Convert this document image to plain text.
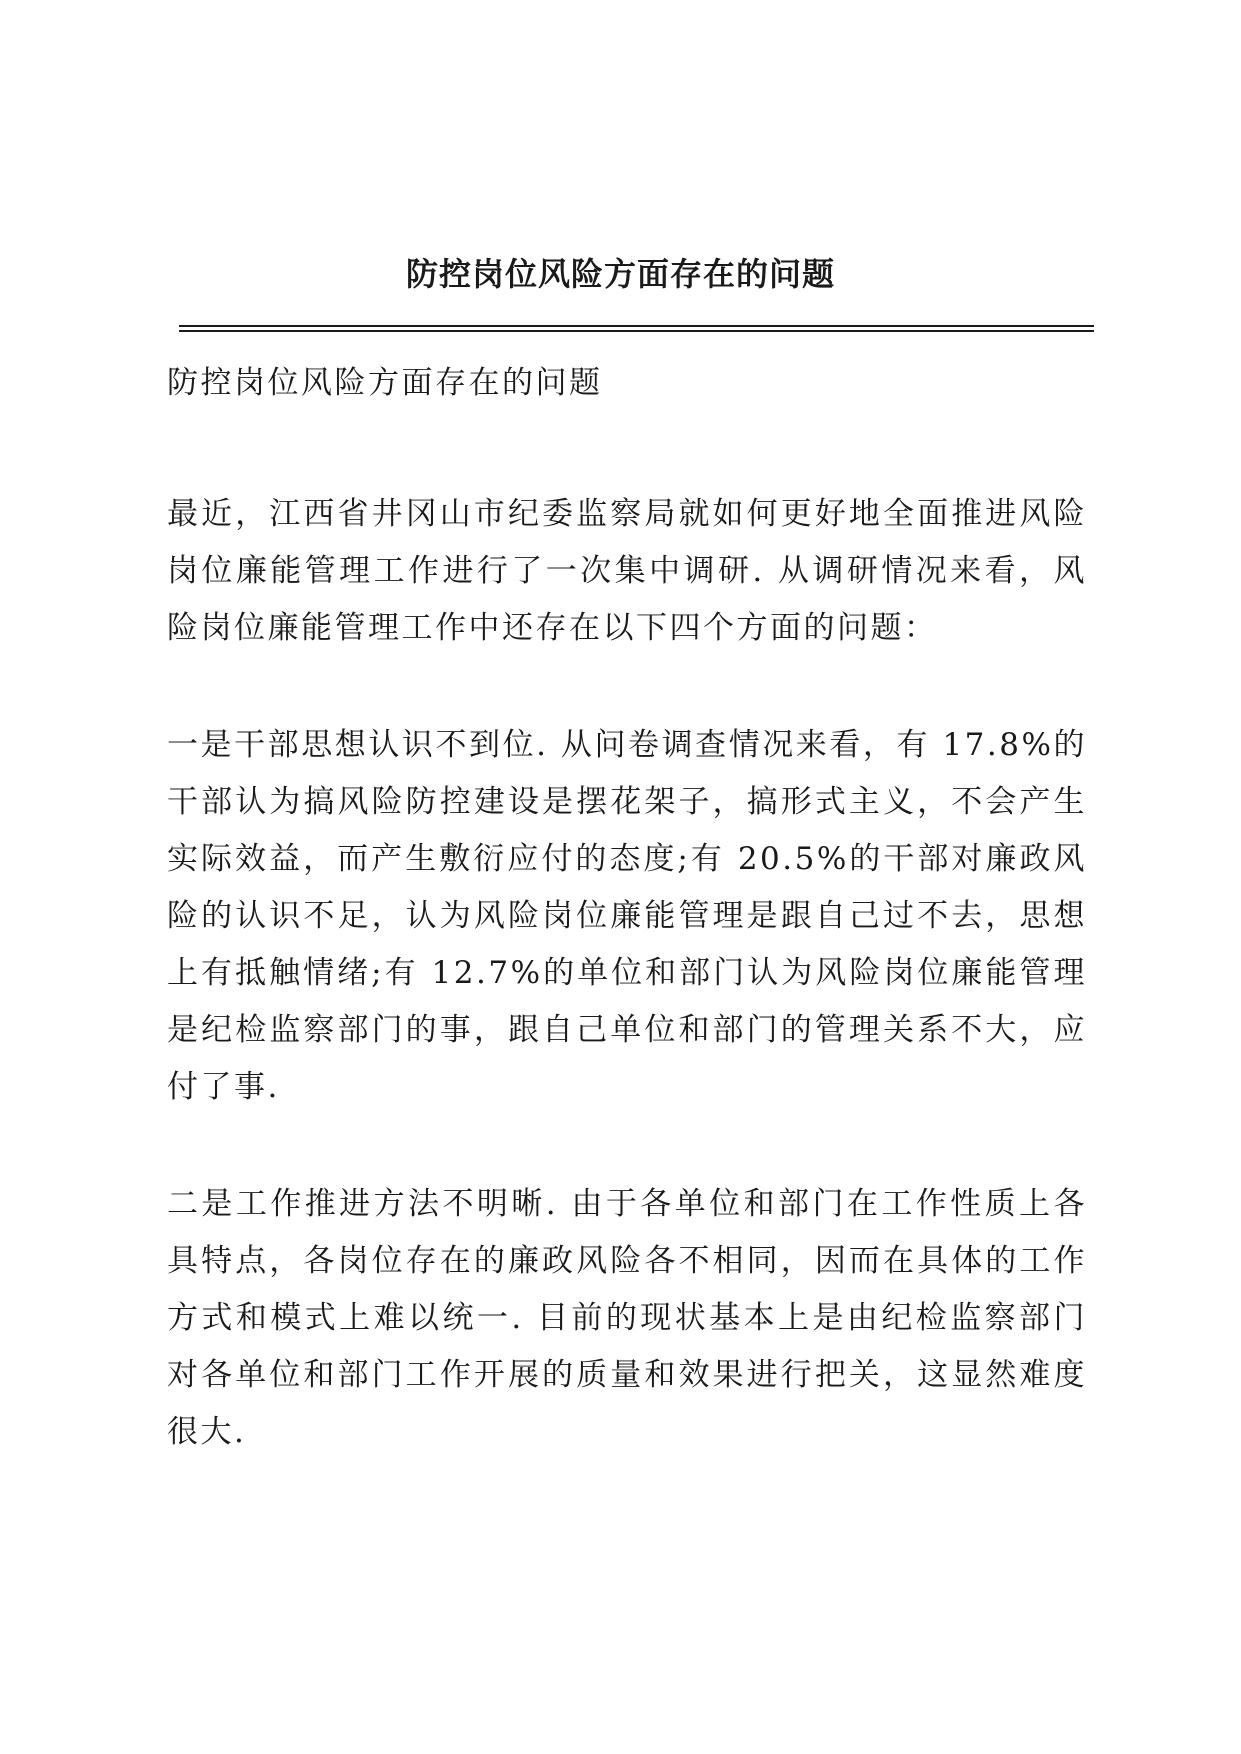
防控岗位风险方面存在的问题

防控岗位风险方面存在的问题

最近，江西省井冈山市纪委监察局就如何更好地全面推进风险岗位廉能管理工作进行了一次集中调研. 从调研情况来看，风险岗位廉能管理工作中还存在以下四个方面的问题：

一是干部思想认识不到位. 从问卷调查情况来看，有 17.8%的干部认为搞风险防控建设是摆花架子，搞形式主义，不会产生实际效益，而产生敷衍应付的态度;有 20.5%的干部对廉政风险的认识不足，认为风险岗位廉能管理是跟自己过不去，思想上有抵触情绪;有 12.7%的单位和部门认为风险岗位廉能管理是纪检监察部门的事，跟自己单位和部门的管理关系不大，应付了事.

二是工作推进方法不明晰. 由于各单位和部门在工作性质上各具特点，各岗位存在的廉政风险各不相同，因而在具体的工作方式和模式上难以统一. 目前的现状基本上是由纪检监察部门对各单位和部门工作开展的质量和效果进行把关，这显然难度很大.
